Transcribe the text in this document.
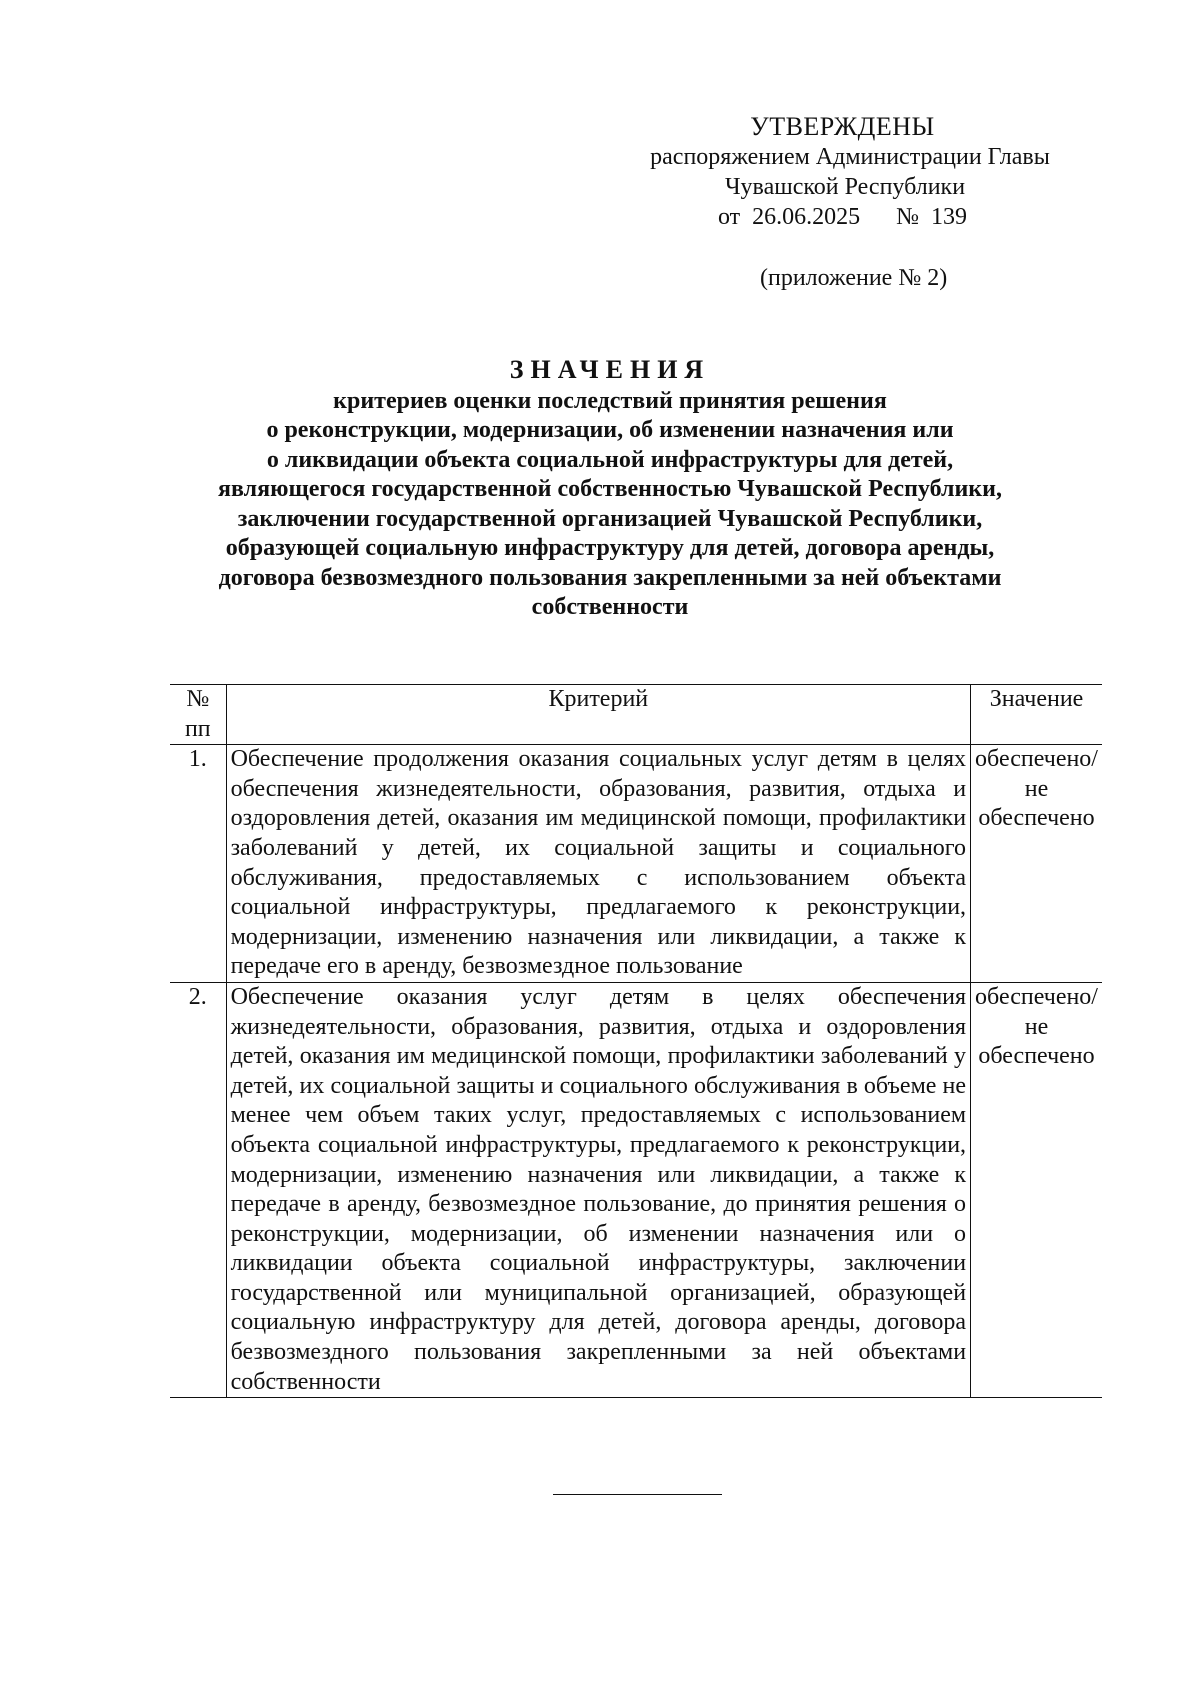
УТВЕРЖДЕНЫ
распоряжением Администрации Главы
Чувашской Республики
от 26.06.2025   № 139
(приложение № 2)
ЗНАЧЕНИЯ
критериев оценки последствий принятия решения
о реконструкции, модернизации, об изменении назначения или
о ликвидации объекта социальной инфраструктуры для детей,
являющегося государственной собственностью Чувашской Республики,
заключении государственной организацией Чувашской Республики,
образующей социальную инфраструктуру для детей, договора аренды,
договора безвозмездного пользования закрепленными за ней объектами
собственности
№ пп	Критерий	Значение
1.	Обеспечение продолжения оказания социальных услуг детям в целях обеспечения жизнедеятельности, образования, развития, отдыха и оздоровления детей, оказания им медицинской помощи, профилактики заболеваний у детей, их социальной защиты и социального обслуживания, предоставляемых с использованием объекта социальной инфраструктуры, предлагаемого к реконструкции, модернизации, изменению назначения или ликвидации, а также к передаче его в аренду, безвозмездное пользование	обеспечено/не обеспечено
2.	Обеспечение оказания услуг детям в целях обеспечения жизнедеятельности, образования, развития, отдыха и оздоровления детей, оказания им медицинской помощи, профилактики заболеваний у детей, их социальной защиты и социального обслуживания в объеме не менее чем объем таких услуг, предоставляемых с использованием объекта социальной инфраструктуры, предлагаемого к реконструкции, модернизации, изменению назначения или ликвидации, а также к передаче в аренду, безвозмездное пользование, до принятия решения о реконструкции, модернизации, об изменении назначения или о ликвидации объекта социальной инфраструктуры, заключении государственной или муниципальной организацией, образующей социальную инфраструктуру для детей, договора аренды, договора безвозмездного пользования закрепленными за ней объектами собственности	обеспечено/не обеспечено
